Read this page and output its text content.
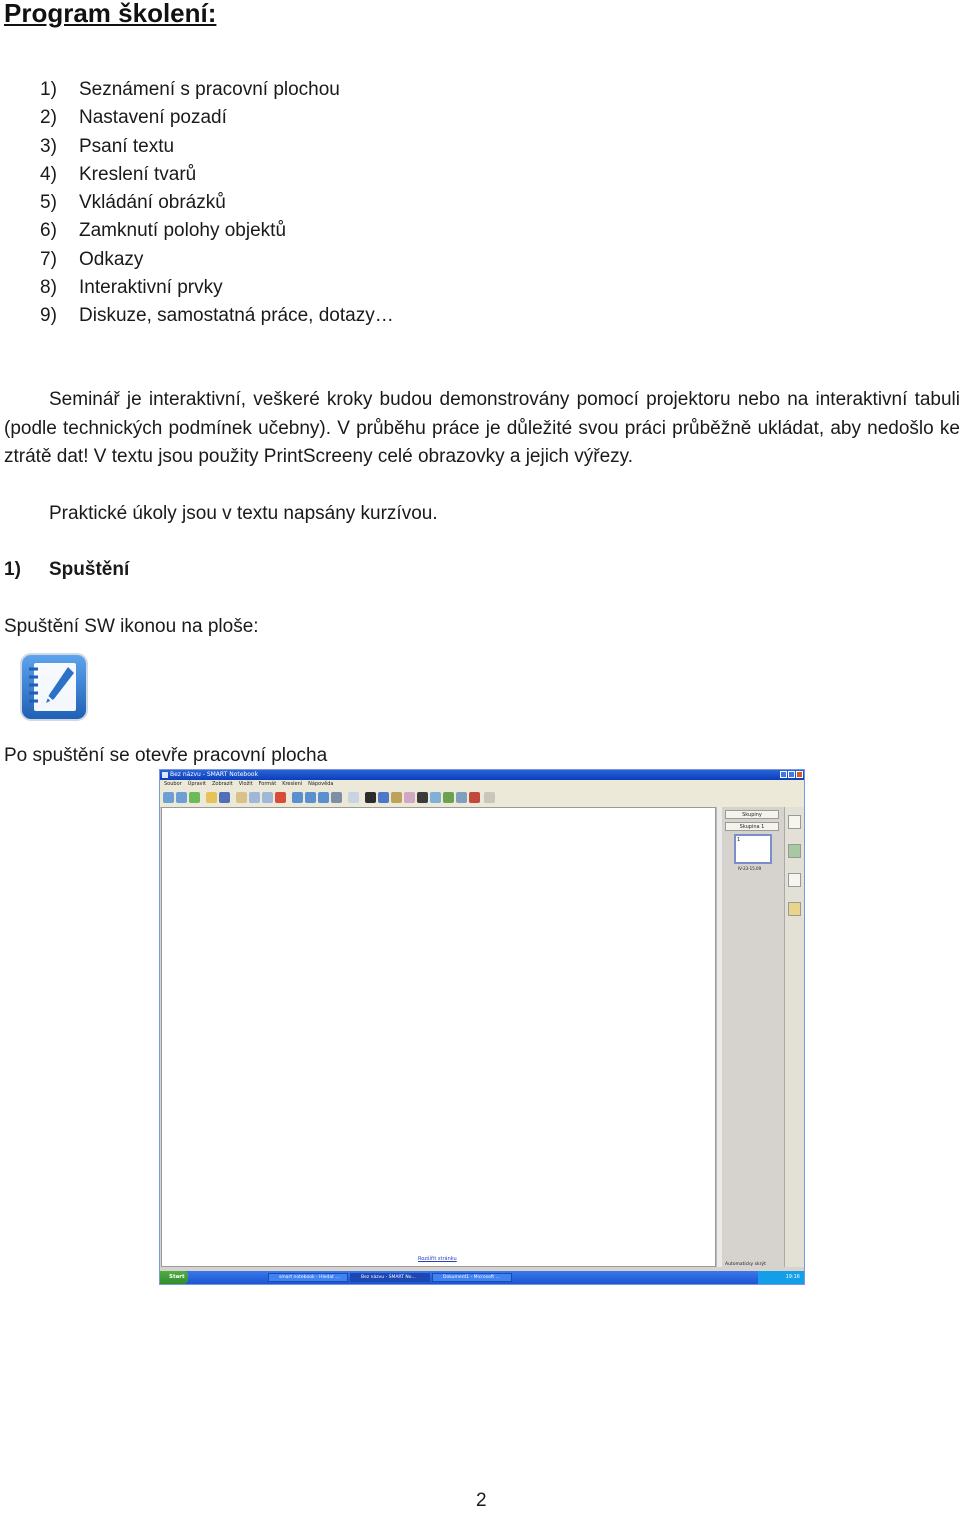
Program školení:
1)	Seznámení s pracovní plochou
2)	Nastavení pozadí
3)	Psaní textu
4)	Kreslení tvarů
5)	Vkládání obrázků
6)	Zamknutí polohy objektů
7)	Odkazy
8)	Interaktivní prvky
9)	Diskuze, samostatná práce, dotazy…

Seminář je interaktivní, veškeré kroky budou demonstrovány pomocí projektoru nebo na interaktivní tabuli (podle technických podmínek učebny). V průběhu práce je důležité svou práci průběžně ukládat, aby nedošlo ke ztrátě dat! V textu jsou použity PrintScreeny celé obrazovky a jejich výřezy.

Praktické úkoly jsou v textu napsány kurzívou.

1) Spuštění

Spuštění SW ikonou na ploše:

Po spuštění se otevře pracovní plocha

Bez názvu - SMART Notebook
Soubor Úpravit Zobrazit Vložit Formát Kreslení Nápověda
Rozšířit stránku
Skupiny
Skupina 1
1
IV-23-15.09
Automaticky skrýt
Start	smart notebook - Hledat ...	Bez názvu - SMART No...	Dokument1 - Microsoft ...	19:16

2
